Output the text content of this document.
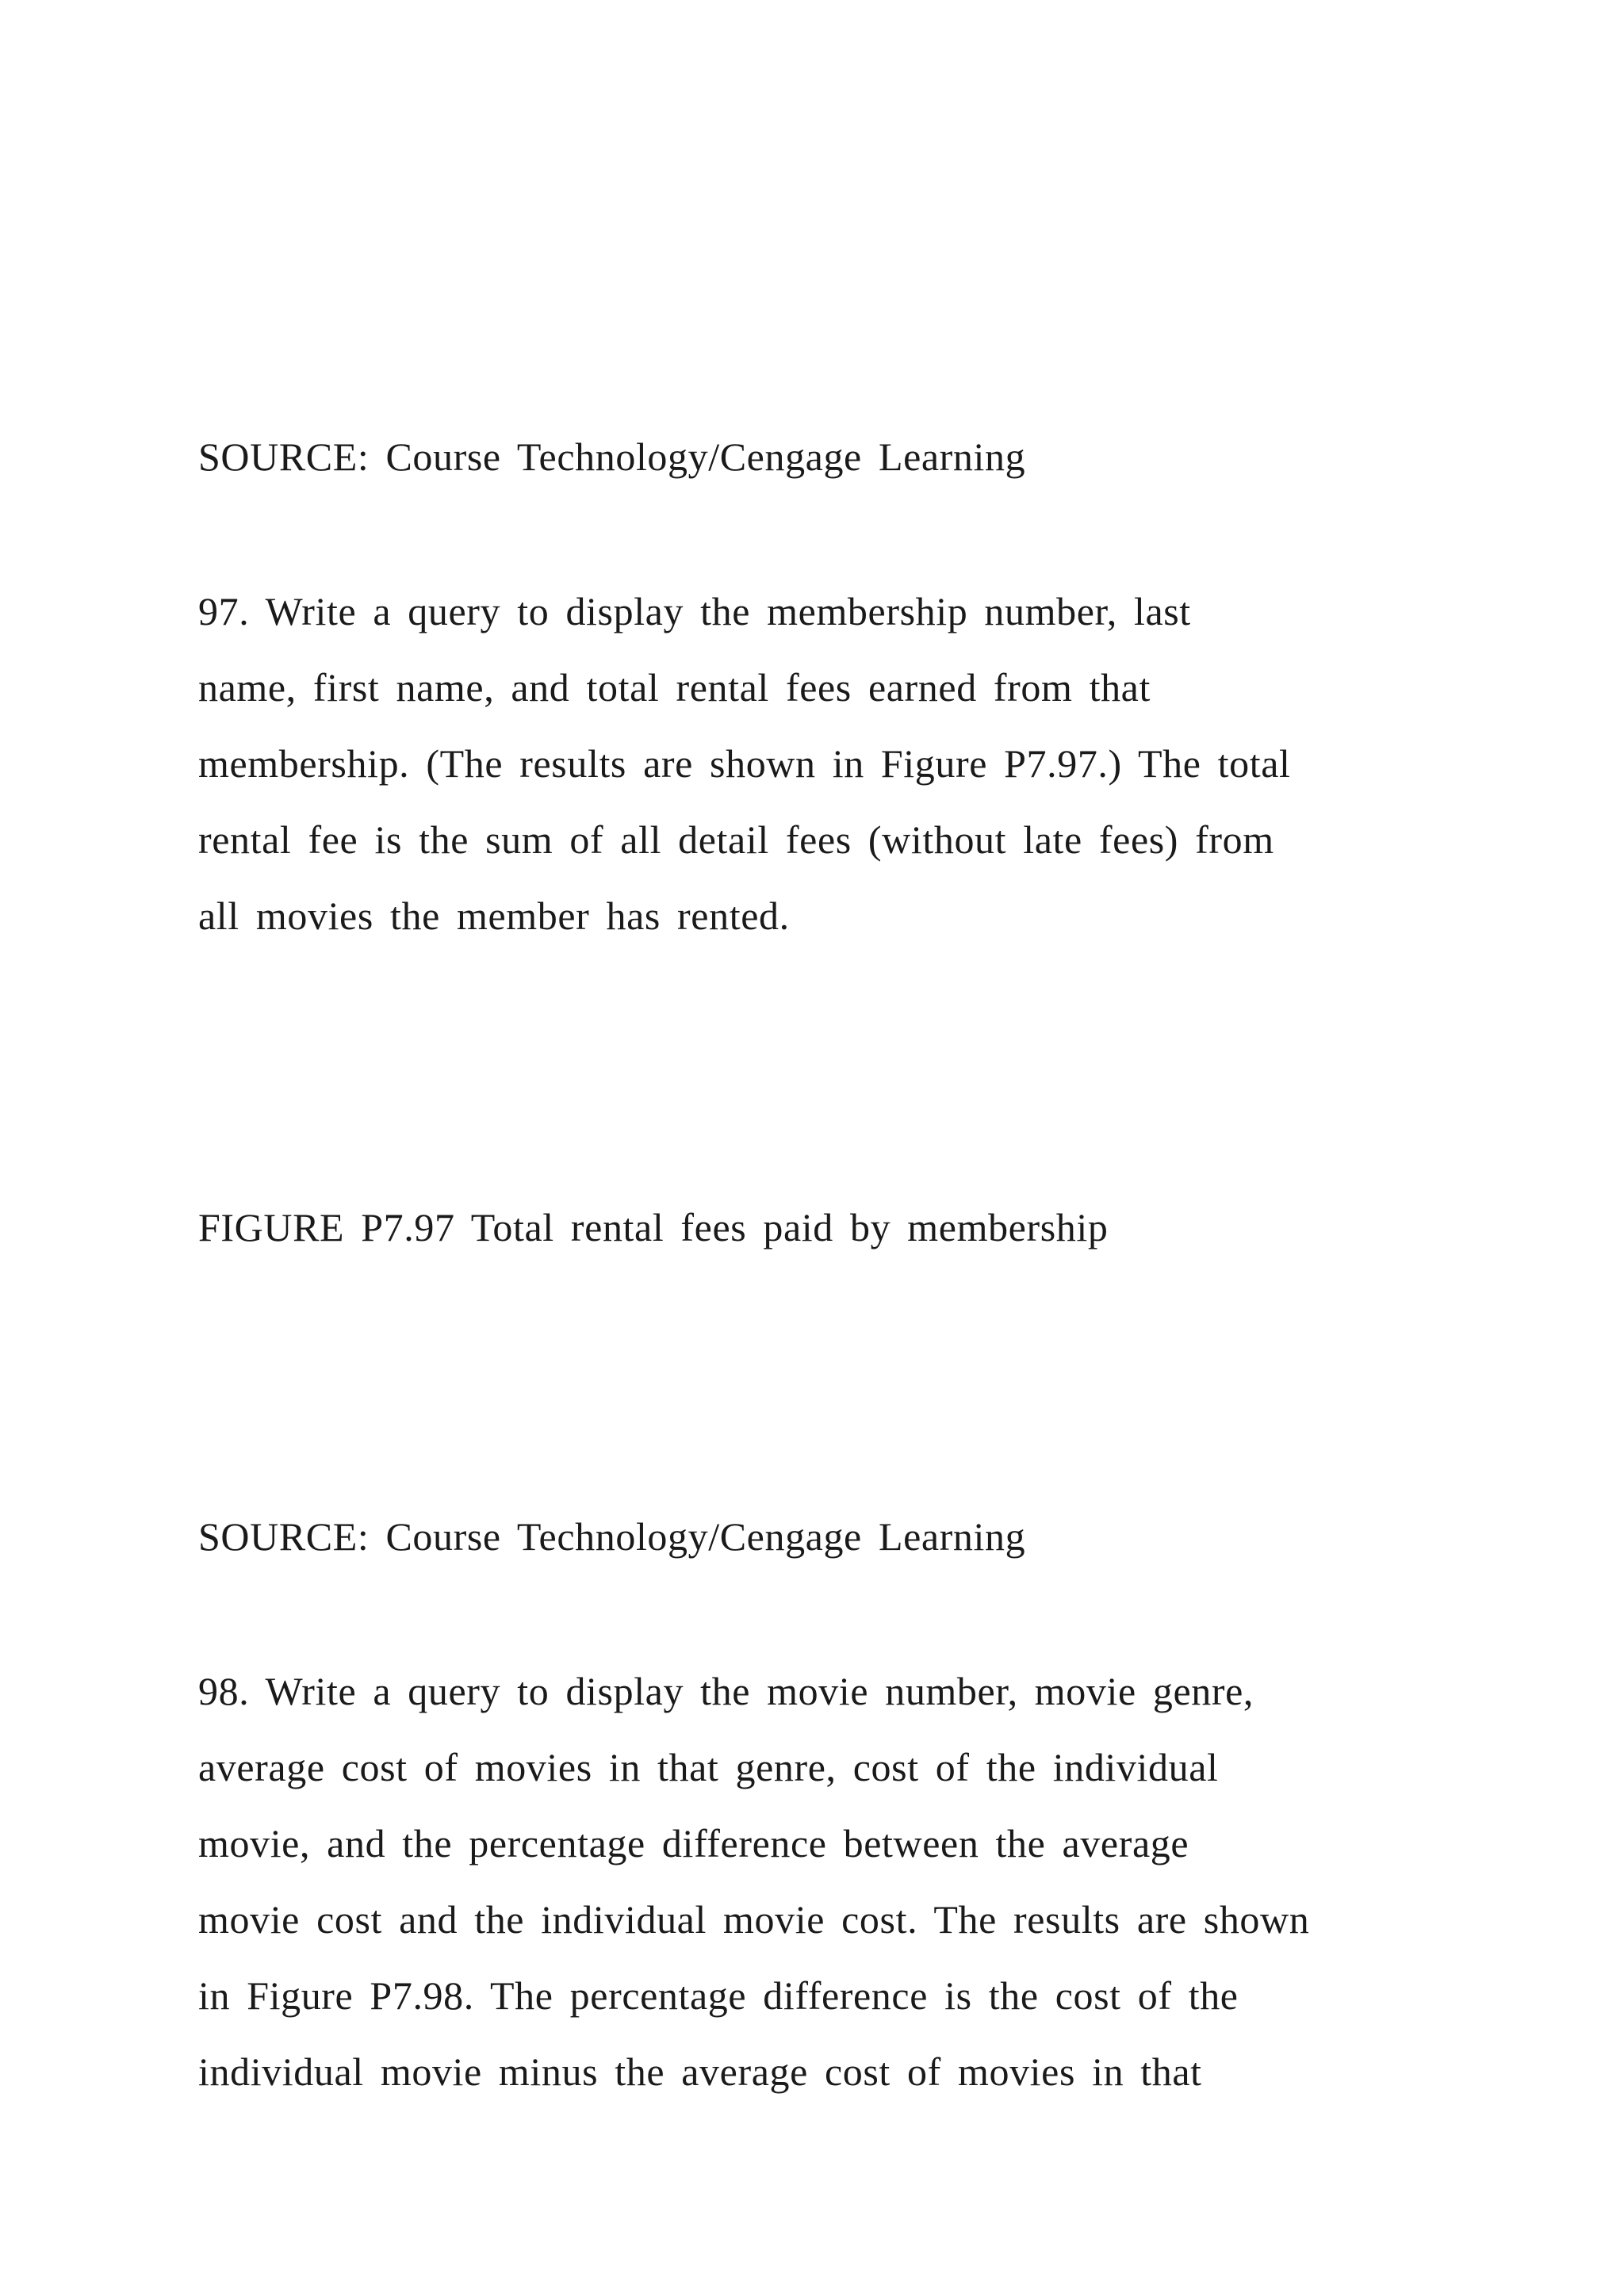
SOURCE: Course Technology/Cengage Learning

97. Write a query to display the membership number, last
name, first name, and total rental fees earned from that
membership. (The results are shown in Figure P7.97.) The total
rental fee is the sum of all detail fees (without late fees) from
all movies the member has rented.

FIGURE P7.97 Total rental fees paid by membership

SOURCE: Course Technology/Cengage Learning

98. Write a query to display the movie number, movie genre,
average cost of movies in that genre, cost of the individual
movie, and the percentage difference between the average
movie cost and the individual movie cost. The results are shown
in Figure P7.98. The percentage difference is the cost of the
individual movie minus the average cost of movies in that
